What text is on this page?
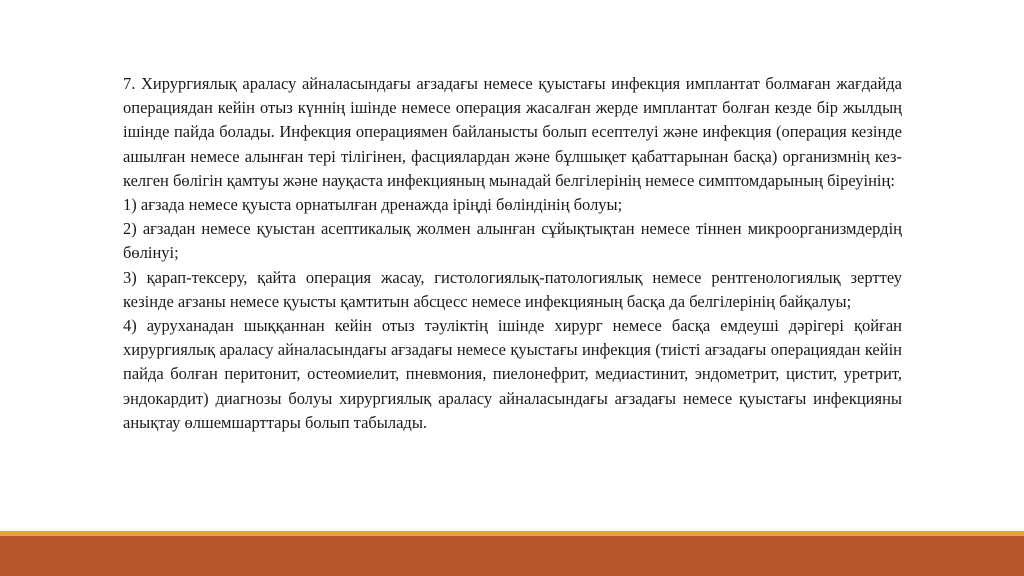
7. Хирургиялық араласу айналасындағы ағзадағы немесе қуыстағы инфекция имплантат болмаған жағдайда операциядан кейін отыз күннің ішінде немесе операция жасалған жерде имплантат болған кезде бір жылдың ішінде пайда болады. Инфекция операциямен байланысты болып есептелуі және инфекция (операция кезінде ашылған немесе алынған тері тілігінен, фасциялардан және бұлшықет қабаттарынан басқа) организмнің кез-келген бөлігін қамтуы және науқаста инфекцияның мынадай белгілерінің немесе симптомдарының біреуінің:

1) ағзада немесе қуыста орнатылған дренажда іріңді бөліндінің болуы;

2) ағзадан немесе қуыстан асептикалық жолмен алынған сұйықтықтан немесе тіннен микроорганизмдердің бөлінуі;

3) қарап-тексеру, қайта операция жасау, гистологиялық-патологиялық немесе рентгенологиялық зерттеу кезінде ағзаны немесе қуысты қамтитын абсцесс немесе инфекцияның басқа да белгілерінің байқалуы;

4) ауруханадан шыққаннан кейін отыз тәуліктің ішінде хирург немесе басқа емдеуші дәрігері қойған хирургиялық араласу айналасындағы ағзадағы немесе қуыстағы инфекция (тиісті ағзадағы операциядан кейін пайда болған перитонит, остеомиелит, пневмония, пиелонефрит, медиастинит, эндометрит, цистит, уретрит, эндокардит) диагнозы болуы хирургиялық араласу айналасындағы ағзадағы немесе қуыстағы инфекцияны анықтау өлшемшарттары болып табылады.
